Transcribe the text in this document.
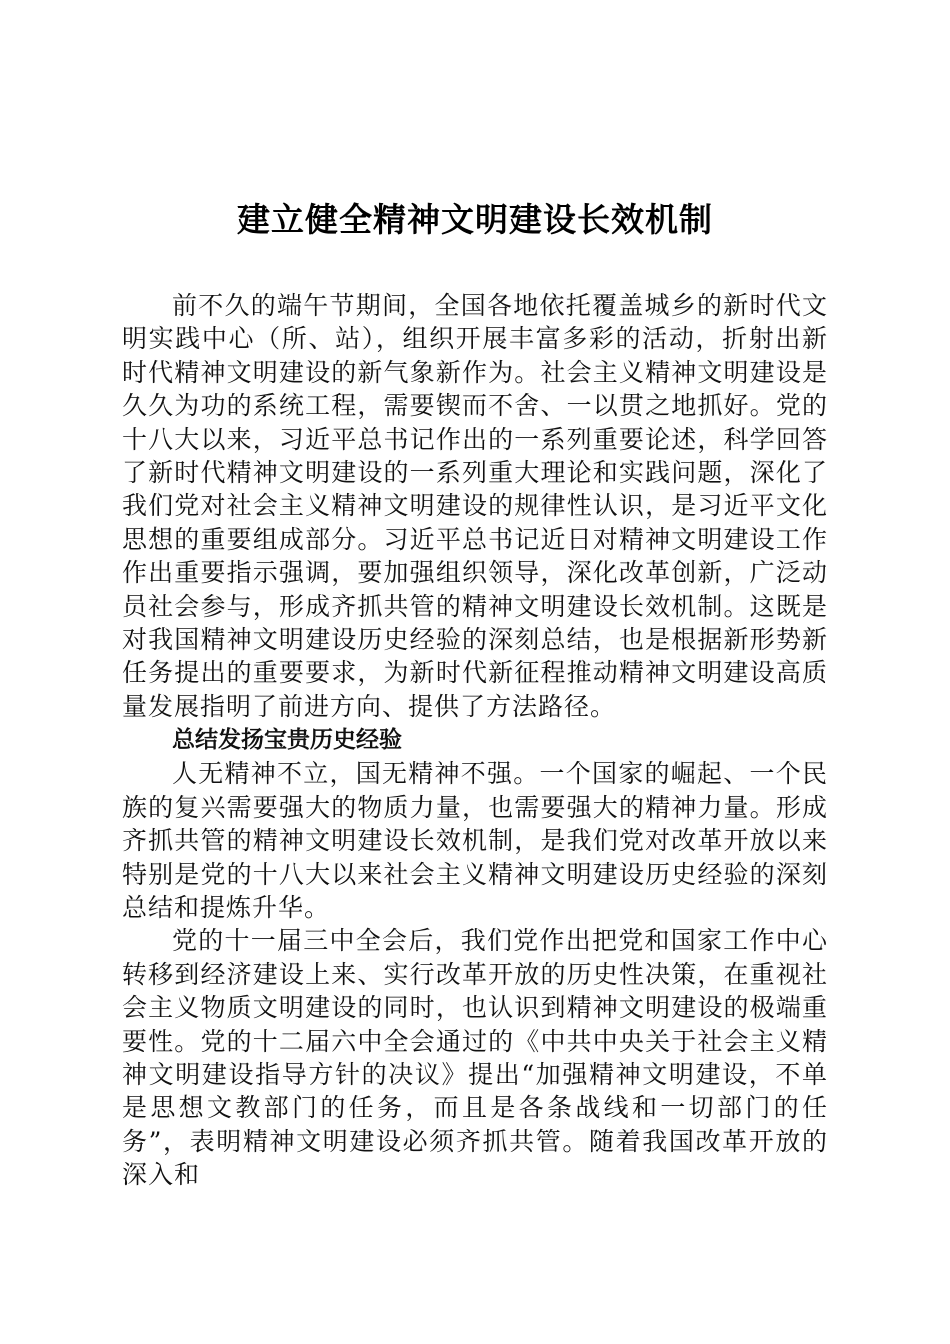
建立健全精神文明建设长效机制

前不久的端午节期间，全国各地依托覆盖城乡的新时代文明实践中心（所、站），组织开展丰富多彩的活动，折射出新时代精神文明建设的新气象新作为。社会主义精神文明建设是久久为功的系统工程，需要锲而不舍、一以贯之地抓好。党的十八大以来，习近平总书记作出的一系列重要论述，科学回答了新时代精神文明建设的一系列重大理论和实践问题，深化了我们党对社会主义精神文明建设的规律性认识，是习近平文化思想的重要组成部分。习近平总书记近日对精神文明建设工作作出重要指示强调，要加强组织领导，深化改革创新，广泛动员社会参与，形成齐抓共管的精神文明建设长效机制。这既是对我国精神文明建设历史经验的深刻总结，也是根据新形势新任务提出的重要要求，为新时代新征程推动精神文明建设高质量发展指明了前进方向、提供了方法路径。

总结发扬宝贵历史经验

人无精神不立，国无精神不强。一个国家的崛起、一个民族的复兴需要强大的物质力量，也需要强大的精神力量。形成齐抓共管的精神文明建设长效机制，是我们党对改革开放以来特别是党的十八大以来社会主义精神文明建设历史经验的深刻总结和提炼升华。

党的十一届三中全会后，我们党作出把党和国家工作中心转移到经济建设上来、实行改革开放的历史性决策，在重视社会主义物质文明建设的同时，也认识到精神文明建设的极端重要性。党的十二届六中全会通过的《中共中央关于社会主义精神文明建设指导方针的决议》提出“加强精神文明建设，不单是思想文教部门的任务，而且是各条战线和一切部门的任务”，表明精神文明建设必须齐抓共管。随着我国改革开放的深入和
